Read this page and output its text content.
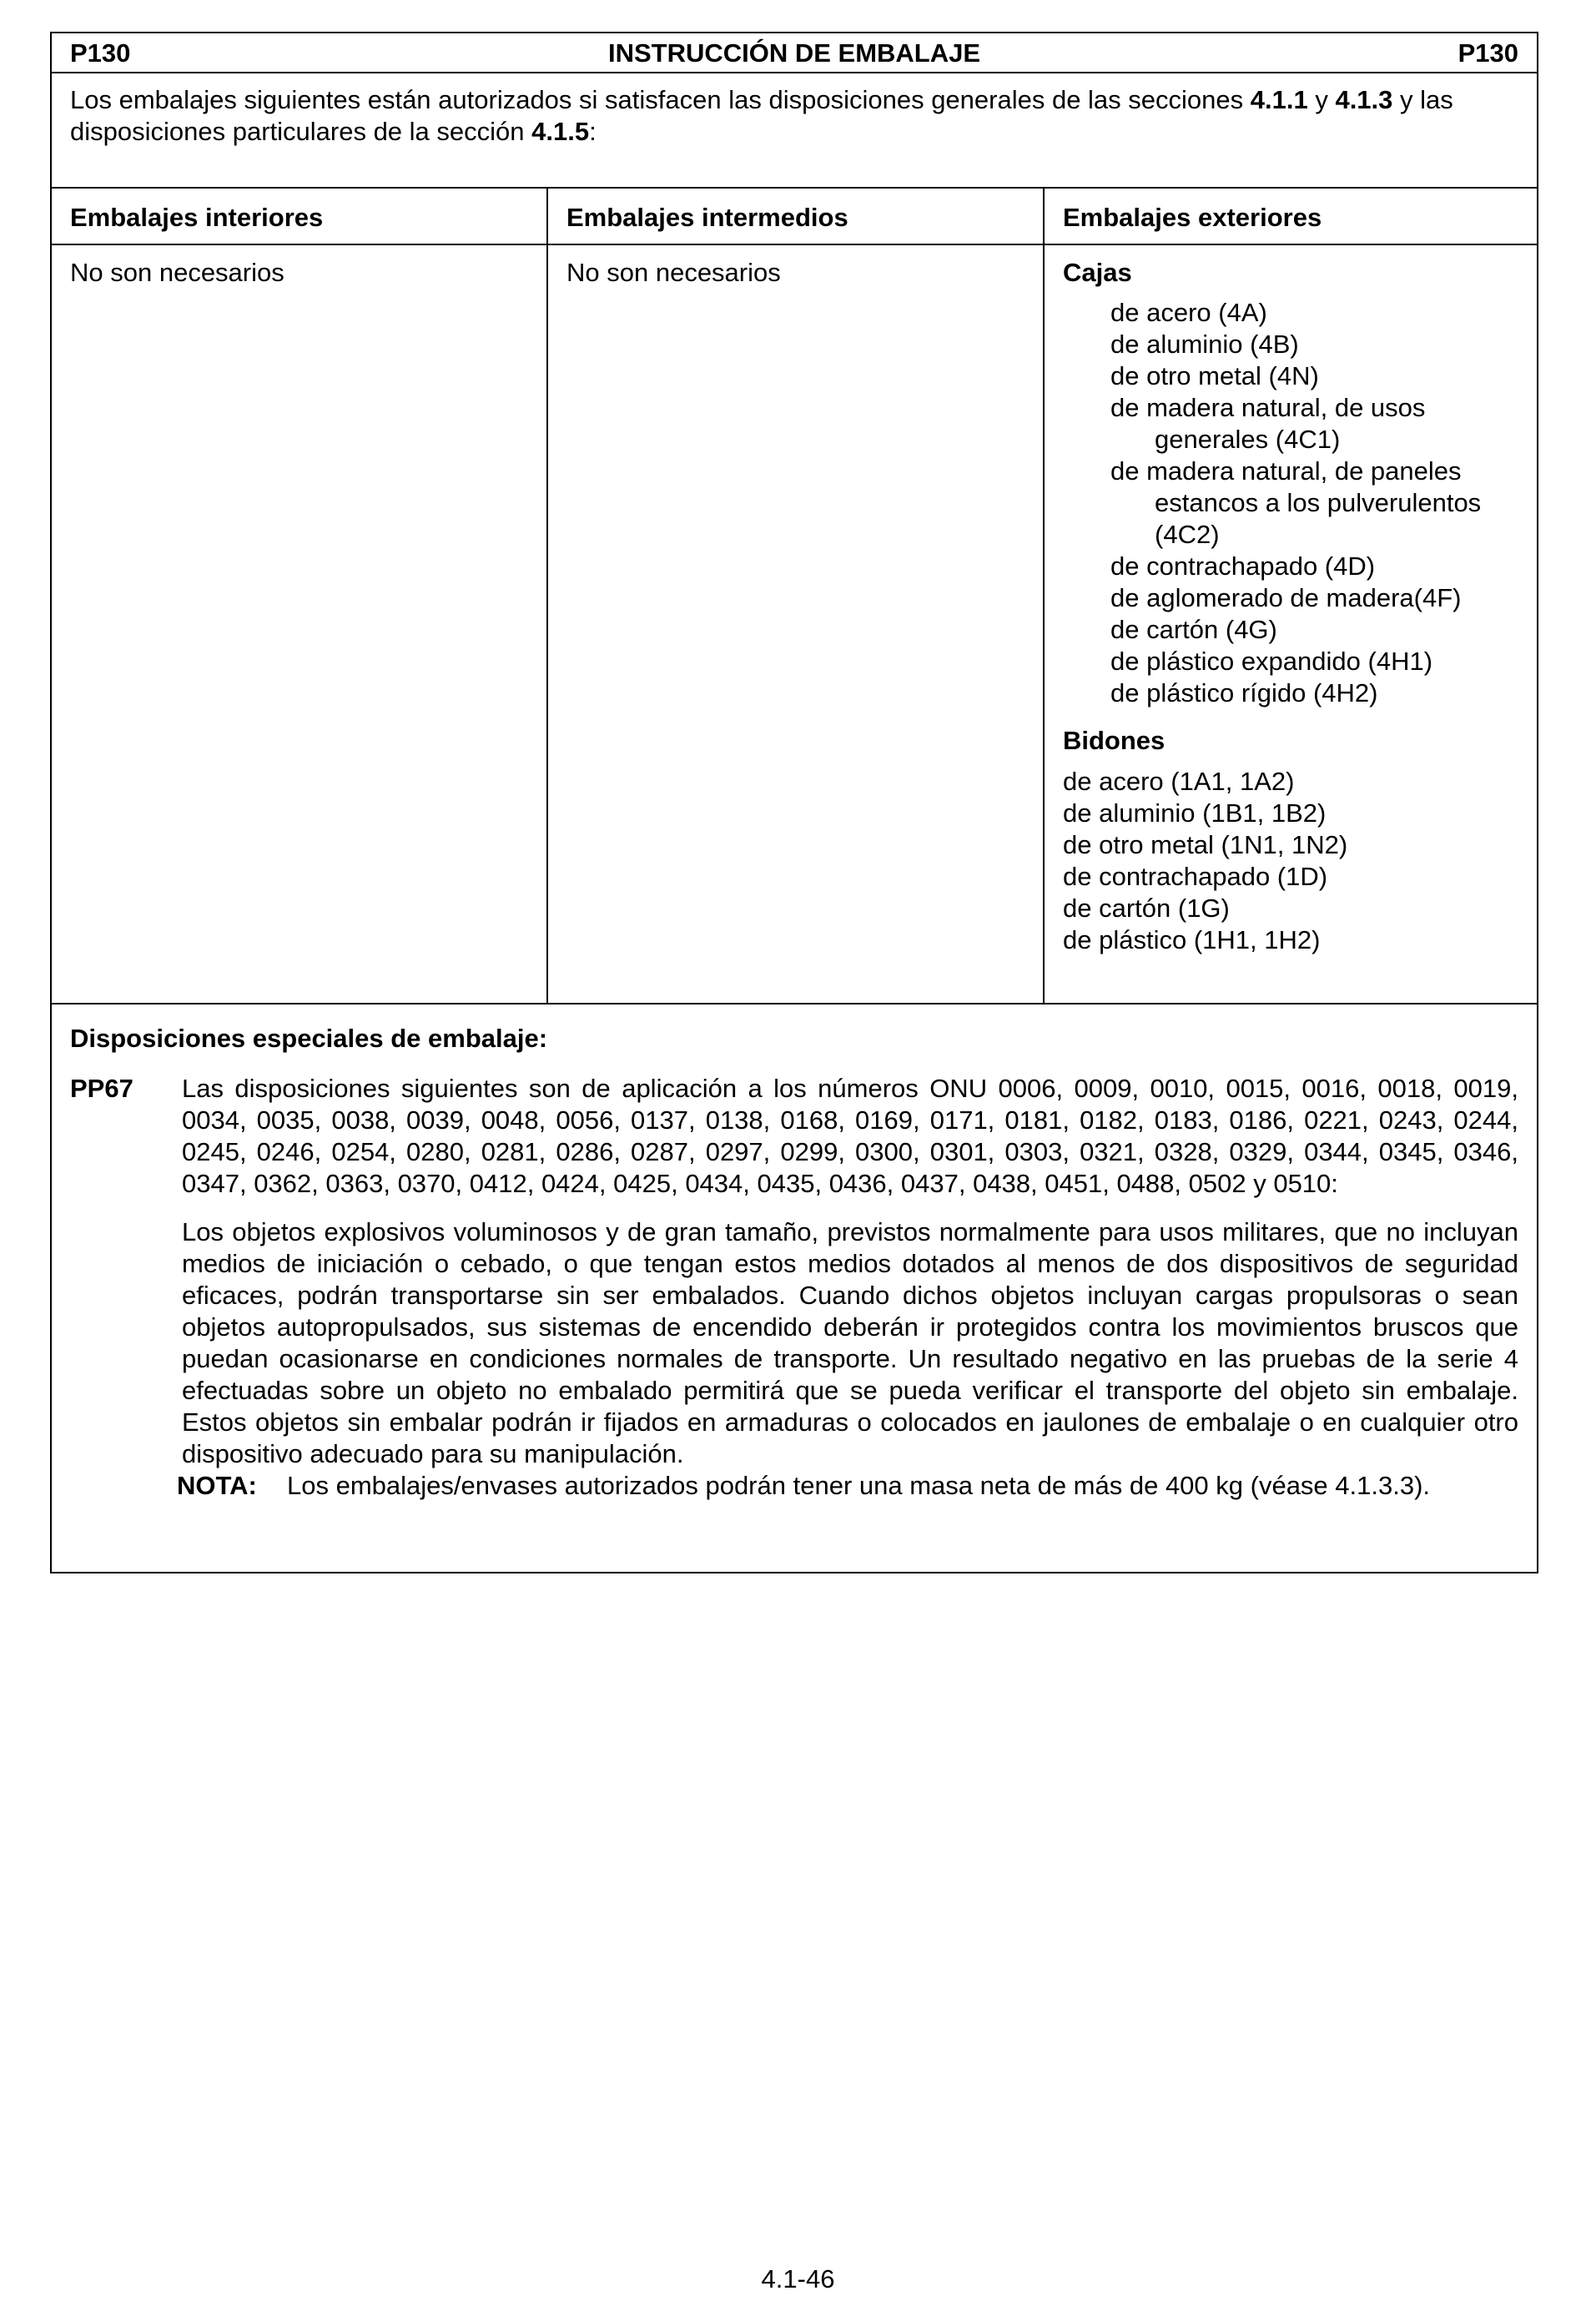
P130	INSTRUCCIÓN DE EMBALAJE	P130
Los embalajes siguientes están autorizados si satisfacen las disposiciones generales de las secciones 4.1.1 y 4.1.3 y las disposiciones particulares de la sección 4.1.5:
Embalajes interiores	Embalajes intermedios	Embalajes exteriores
No son necesarios	No son necesarios	Cajas
de acero (4A)
de aluminio (4B)
de otro metal (4N)
de madera natural, de usos generales (4C1)
de madera natural, de paneles estancos a los pulverulentos (4C2)
de contrachapado (4D)
de aglomerado de madera(4F)
de cartón (4G)
de plástico expandido (4H1)
de plástico rígido (4H2)
Bidones
de acero (1A1, 1A2)
de aluminio (1B1, 1B2)
de otro metal (1N1, 1N2)
de contrachapado (1D)
de cartón (1G)
de plástico (1H1, 1H2)
Disposiciones especiales de embalaje:
PP67 Las disposiciones siguientes son de aplicación a los números ONU 0006, 0009, 0010, 0015, 0016, 0018, 0019, 0034, 0035, 0038, 0039, 0048, 0056, 0137, 0138, 0168, 0169, 0171, 0181, 0182, 0183, 0186, 0221, 0243, 0244, 0245, 0246, 0254, 0280, 0281, 0286, 0287, 0297, 0299, 0300, 0301, 0303, 0321, 0328, 0329, 0344, 0345, 0346, 0347, 0362, 0363, 0370, 0412, 0424, 0425, 0434, 0435, 0436, 0437, 0438, 0451, 0488, 0502 y 0510:

Los objetos explosivos voluminosos y de gran tamaño, previstos normalmente para usos militares, que no incluyan medios de iniciación o cebado, o que tengan estos medios dotados al menos de dos dispositivos de seguridad eficaces, podrán transportarse sin ser embalados. Cuando dichos objetos incluyan cargas propulsoras o sean objetos autopropulsados, sus sistemas de encendido deberán ir protegidos contra los movimientos bruscos que puedan ocasionarse en condiciones normales de transporte. Un resultado negativo en las pruebas de la serie 4 efectuadas sobre un objeto no embalado permitirá que se pueda verificar el transporte del objeto sin embalaje. Estos objetos sin embalar podrán ir fijados en armaduras o colocados en jaulones de embalaje o en cualquier otro dispositivo adecuado para su manipulación.

NOTA: Los embalajes/envases autorizados podrán tener una masa neta de más de 400 kg (véase 4.1.3.3).
4.1-46
